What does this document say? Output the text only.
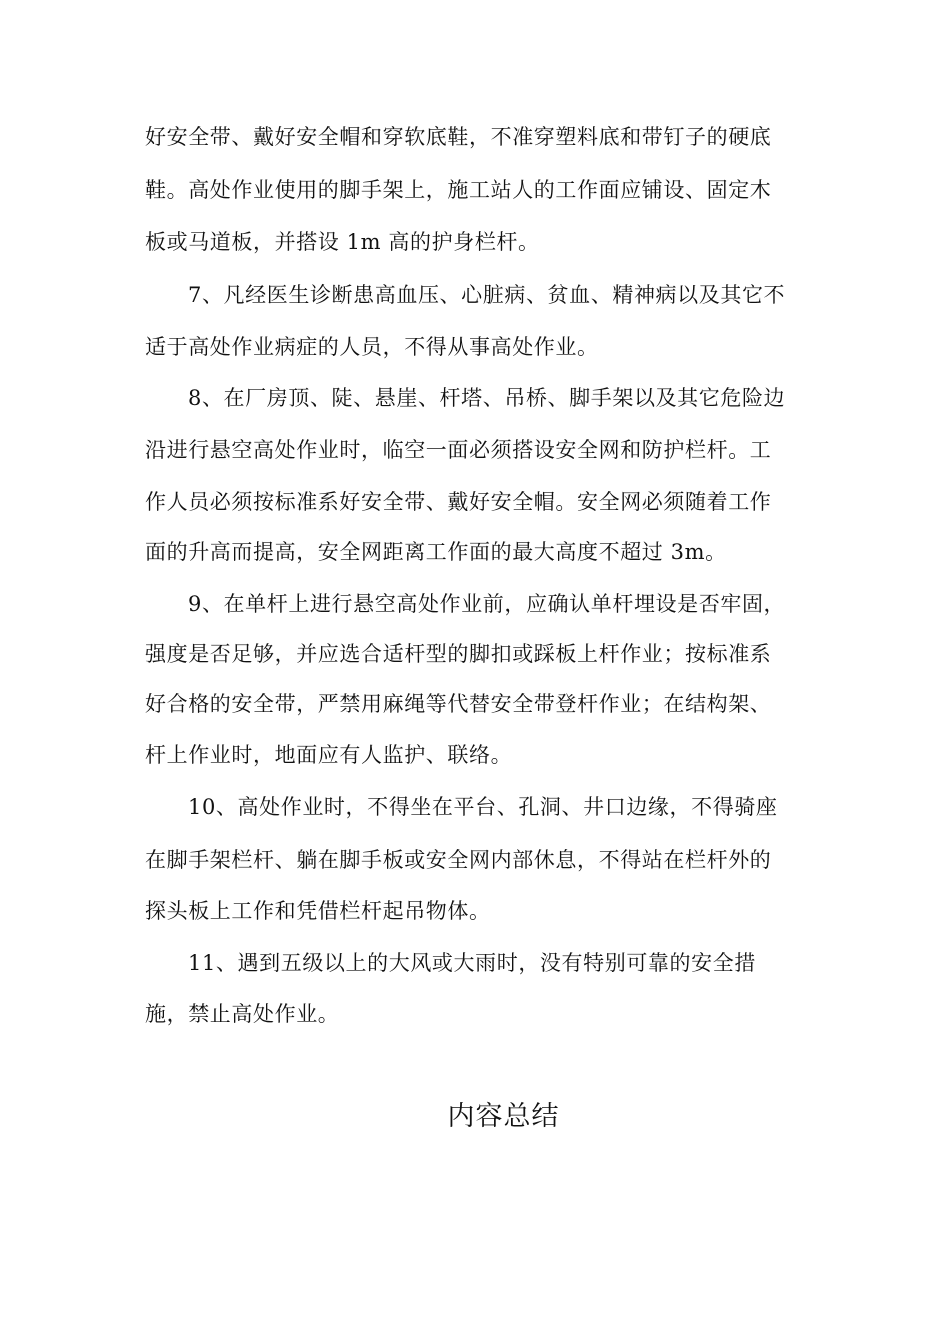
好安全带、戴好安全帽和穿软底鞋，不准穿塑料底和带钉子的硬底
鞋。高处作业使用的脚手架上，施工站人的工作面应铺设、固定木
板或马道板，并搭设 1m 高的护身栏杆。
7、凡经医生诊断患高血压、心脏病、贫血、精神病以及其它不
适于高处作业病症的人员，不得从事高处作业。
8、在厂房顶、陡、悬崖、杆塔、吊桥、脚手架以及其它危险边
沿进行悬空高处作业时，临空一面必须搭设安全网和防护栏杆。工
作人员必须按标准系好安全带、戴好安全帽。安全网必须随着工作
面的升高而提高，安全网距离工作面的最大高度不超过 3m。
9、在单杆上进行悬空高处作业前，应确认单杆埋设是否牢固，
强度是否足够，并应选合适杆型的脚扣或踩板上杆作业；按标准系
好合格的安全带，严禁用麻绳等代替安全带登杆作业；在结构架、
杆上作业时，地面应有人监护、联络。
10、高处作业时，不得坐在平台、孔洞、井口边缘，不得骑座
在脚手架栏杆、躺在脚手板或安全网内部休息，不得站在栏杆外的
探头板上工作和凭借栏杆起吊物体。
11、遇到五级以上的大风或大雨时，没有特别可靠的安全措
施，禁止高处作业。
内容总结
